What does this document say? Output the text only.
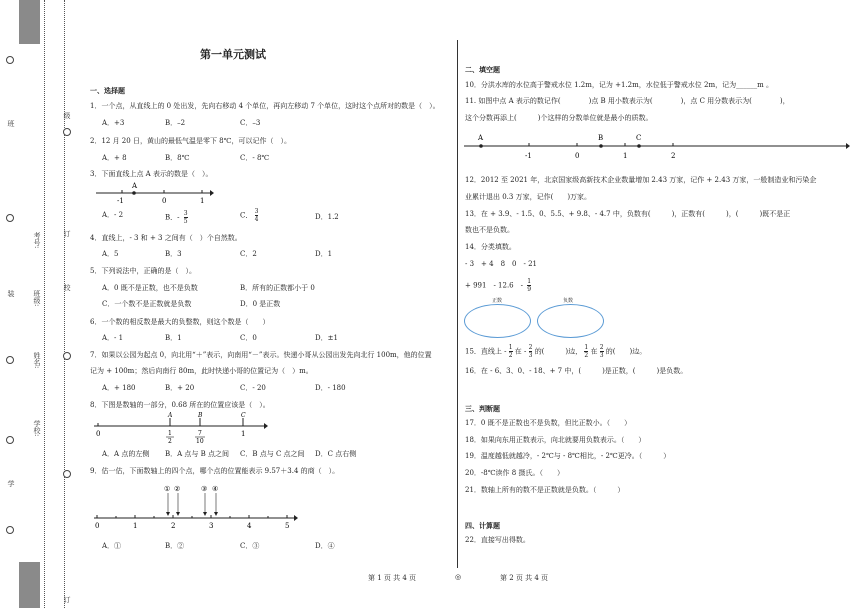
班
装
学
级
订
校
订
考号:
班级:
姓名:
学校:
第一单元测试
一、选择题
1．一个点，从直线上的 0 处出发，先向右移动 4 个单位，再向左移动 7 个单位，这时这个点所对的数是（　）。
A．+3	B．–2	C．–3
2．12 月 20 日，黄山的最低气温是零下 8℃，可以记作（　）。
A．+ 8	B．8℃	C．- 8℃
3．下面直线上点 A 表示的数是（　）。
A
-1	0	1
A．- 2	B．- $\frac{3}{5}$	C． $\frac{3}{4}$	D．1.2
4．直线上，- 3 和 + 3 之间有（　）个自然数。
A．5	B．3	C．2	D．1
5．下列说法中，正确的是（　）。
A．0 既不是正数，也不是负数	B．所有的正数都小于 0
C．一个数不是正数就是负数	D．0 是正数
6．一个数的相反数是最大的负整数，则这个数是（　　）
A．- 1	B．1	C．0	D．±1
7．如果以公园为起点 0，向北用“＋”表示，向南用“－”表示。快递小哥从公园出发先向北行 100m，他的位置
记为 + 100m；然后向南行 80m，此时快递小哥的位置记为（　）m。
A．+ 180	B．+ 20	C．- 20	D．- 180
8．下图是数轴的一部分，0.68 所在的位置应该是（　）。
A	B	C
0	1
1
2
7
10
A．A 点的左侧 B．A 点与 B 点之间 C．B 点与 C 点之间 D．C 点右侧
9．估一估，下面数轴上的四个点，哪个点的位置能表示 9.57＋3.4 的商（　）。
0	1	2	3	4	5
① ②	③ ④
A．①	B．②	C．③	D．④
二、填空题
10．分洪水库的水位高于警戒水位 1.2m，记为 +1.2m，水位低于警戒水位 2m，记为______m 。
11. 如图中点 A 表示的数记作(　　　　)点 B 用小数表示为(　　　　)，点 C 用分数表示为(　　　　)，
这个分数再添上(　　　)个这样的分数单位就是最小的质数。
A	B	C
-1	0	1	2
12．2012 至 2021 年，北京国家级高新技术企业数量增加 2.43 万家，记作 + 2.43 万家，一般制造业和污染企
业累计退出 0.3 万家，记作(　　)万家。
13．在 + 3.9、- 1.5、0、5.5、+ 9.8、- 4.7 中，负数有(　　　)，正数有(　　　)，(　　　)既不是正
数也不是负数。
14．分类填数。
- 3　+ 4　8　0　- 21
+ 991　- 12.6　- $\frac{1}{9}$
正数	负数
15．直线上 - $\frac{1}{2}$ 在 - $\frac{2}{3}$ 的(　　　)边， $\frac{1}{2}$ 在 $\frac{2}{3}$ 的(　　)边。
16．在 - 6、3、0、- 18、+ 7 中，(　　　)是正数，(　　　)是负数。
三、判断题
17．0 既不是正数也不是负数，但比正数小。（　　）
18．如果向东用正数表示，向北就要用负数表示。（　　）
19．温度越低就越冷，- 2℃与 - 8℃相比，- 2℃更冷。（　　　）
20．-8℃读作 8 摄氏。（　　）
21．数轴上所有的数不是正数就是负数。（　　　）
四、计算题
22．直接写出得数。
第 1 页 共 4 页	◎	第 2 页 共 4 页
